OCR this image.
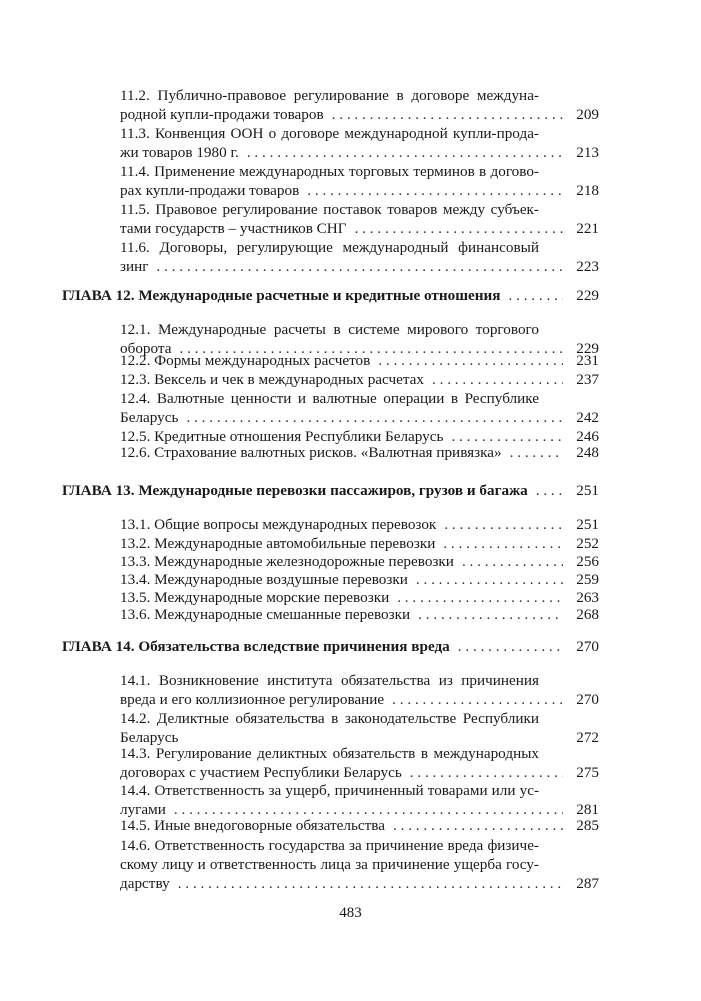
11.2. Публично-правовое регулирование в договоре междуна-
родной купли-продажи товаров . . .	209
11.3. Конвенция ООН о договоре международной купли-прода-
жи товаров 1980 г. . . .	213
11.4. Применение международных торговых терминов в догово-
рах купли-продажи товаров . . .	218
11.5. Правовое регулирование поставок товаров между субъек-
тами государств – участников СНГ . . .	221
11.6. Договоры, регулирующие международный финансовый
зинг . . .	223
ГЛАВА 12. Международные расчетные и кредитные отношения . . .	229
12.1. Международные расчеты в системе мирового торгового
оборота . . .	229
12.2. Формы международных расчетов . . .	231
12.3. Вексель и чек в международных расчетах . . .	237
12.4. Валютные ценности и валютные операции в Республике
Беларусь . . .	242
12.5. Кредитные отношения Республики Беларусь . . .	246
12.6. Страхование валютных рисков. «Валютная привязка» . . .	248
ГЛАВА 13. Международные перевозки пассажиров, грузов и багажа . . .	251
13.1. Общие вопросы международных перевозок . . .	251
13.2. Международные автомобильные перевозки . . .	252
13.3. Международные железнодорожные перевозки . . .	256
13.4. Международные воздушные перевозки . . .	259
13.5. Международные морские перевозки . . .	263
13.6. Международные смешанные перевозки . . .	268
ГЛАВА 14. Обязательства вследствие причинения вреда . . .	270
14.1. Возникновение института обязательства из причинения
вреда и его коллизионное регулирование . . .	270
14.2. Деликтные обязательства в законодательстве Республики
Беларусь	272
14.3. Регулирование деликтных обязательств в международных
договорах с участием Республики Беларусь . . .	275
14.4. Ответственность за ущерб, причиненный товарами или ус-
лугами . . .	281
14.5. Иные внедоговорные обязательства . . .	285
14.6. Ответственность государства за причинение вреда физиче-
скому лицу и ответственность лица за причинение ущерба госу-
дарству . . .	287
483
